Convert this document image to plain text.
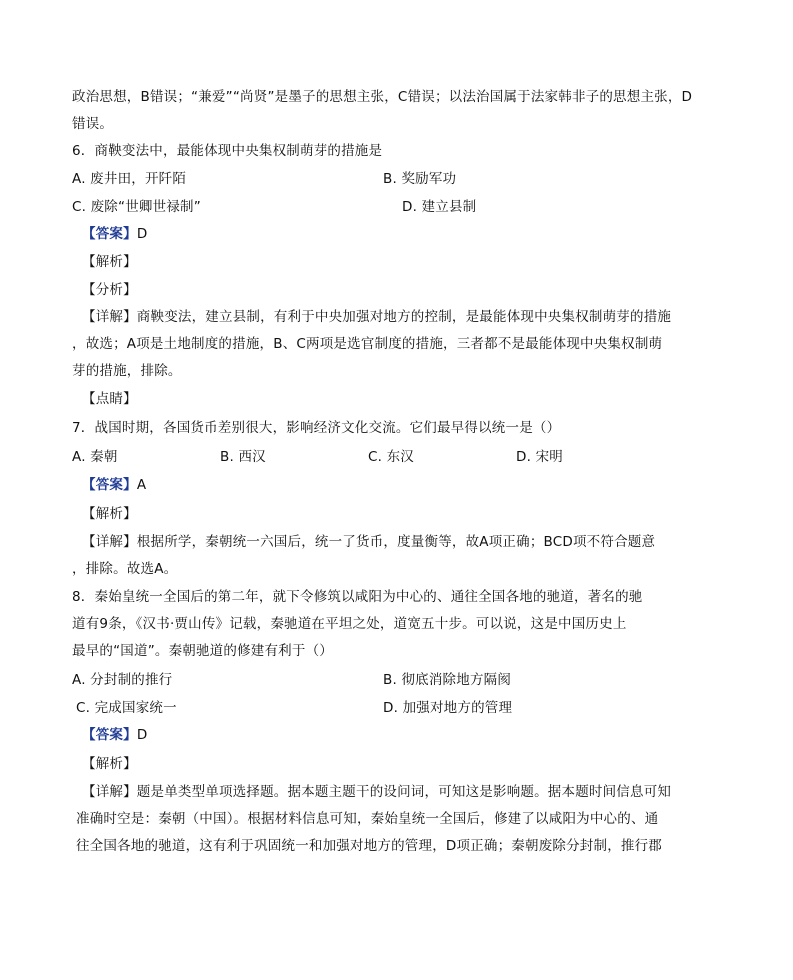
政治思想，B错误；“兼爱”“尚贤”是墨子的思想主张，C错误；以法治国属于法家韩非子的思想主张，D
错误。
6．商鞅变法中，最能体现中央集权制萌芽的措施是
A. 废井田，开阡陌	B. 奖励军功
C. 废除“世卿世禄制”	D. 建立县制
【答案】D
【解析】
【分析】
【详解】商鞅变法，建立县制，有利于中央加强对地方的控制，是最能体现中央集权制萌芽的措施
，故选；A项是土地制度的措施，B、C两项是选官制度的措施，三者都不是最能体现中央集权制萌
芽的措施，排除。
【点睛】
7．战国时期，各国货币差别很大，影响经济文化交流。它们最早得以统一是（）
A. 秦朝	B. 西汉	C. 东汉	D. 宋明
【答案】A
【解析】
【详解】根据所学，秦朝统一六国后，统一了货币，度量衡等，故A项正确；BCD项不符合题意
，排除。故选A。
8．秦始皇统一全国后的第二年，就下令修筑以咸阳为中心的、通往全国各地的驰道，著名的驰
道有9条，《汉书·贾山传》记载，秦驰道在平坦之处，道宽五十步。可以说，这是中国历史上
最早的“国道”。秦朝驰道的修建有利于（）
A. 分封制的推行	B. 彻底消除地方隔阂
C. 完成国家统一	D. 加强对地方的管理
【答案】D
【解析】
【详解】题是单类型单项选择题。据本题主题干的设问词，可知这是影响题。据本题时间信息可知
准确时空是：秦朝（中国）。根据材料信息可知，秦始皇统一全国后，修建了以咸阳为中心的、通
往全国各地的驰道，这有利于巩固统一和加强对地方的管理，D项正确；秦朝废除分封制，推行郡
